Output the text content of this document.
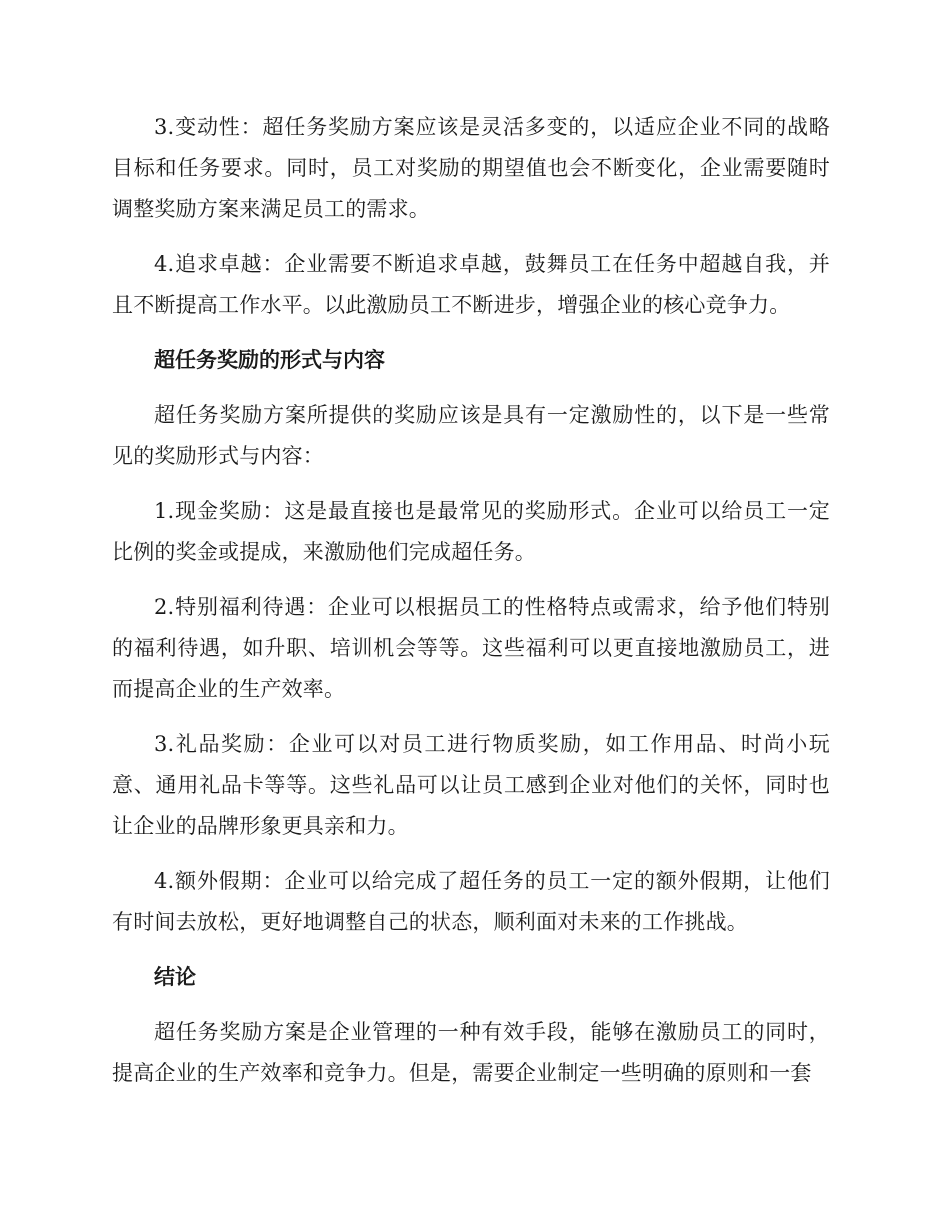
3.变动性：超任务奖励方案应该是灵活多变的，以适应企业不同的战略目标和任务要求。同时，员工对奖励的期望值也会不断变化，企业需要随时调整奖励方案来满足员工的需求。

4.追求卓越：企业需要不断追求卓越，鼓舞员工在任务中超越自我，并且不断提高工作水平。以此激励员工不断进步，增强企业的核心竞争力。

超任务奖励的形式与内容

超任务奖励方案所提供的奖励应该是具有一定激励性的，以下是一些常见的奖励形式与内容：

1.现金奖励：这是最直接也是最常见的奖励形式。企业可以给员工一定比例的奖金或提成，来激励他们完成超任务。

2.特别福利待遇：企业可以根据员工的性格特点或需求，给予他们特别的福利待遇，如升职、培训机会等等。这些福利可以更直接地激励员工，进而提高企业的生产效率。

3.礼品奖励：企业可以对员工进行物质奖励，如工作用品、时尚小玩意、通用礼品卡等等。这些礼品可以让员工感到企业对他们的关怀，同时也让企业的品牌形象更具亲和力。

4.额外假期：企业可以给完成了超任务的员工一定的额外假期，让他们有时间去放松，更好地调整自己的状态，顺利面对未来的工作挑战。

结论

超任务奖励方案是企业管理的一种有效手段，能够在激励员工的同时，提高企业的生产效率和竞争力。但是，需要企业制定一些明确的原则和一套
